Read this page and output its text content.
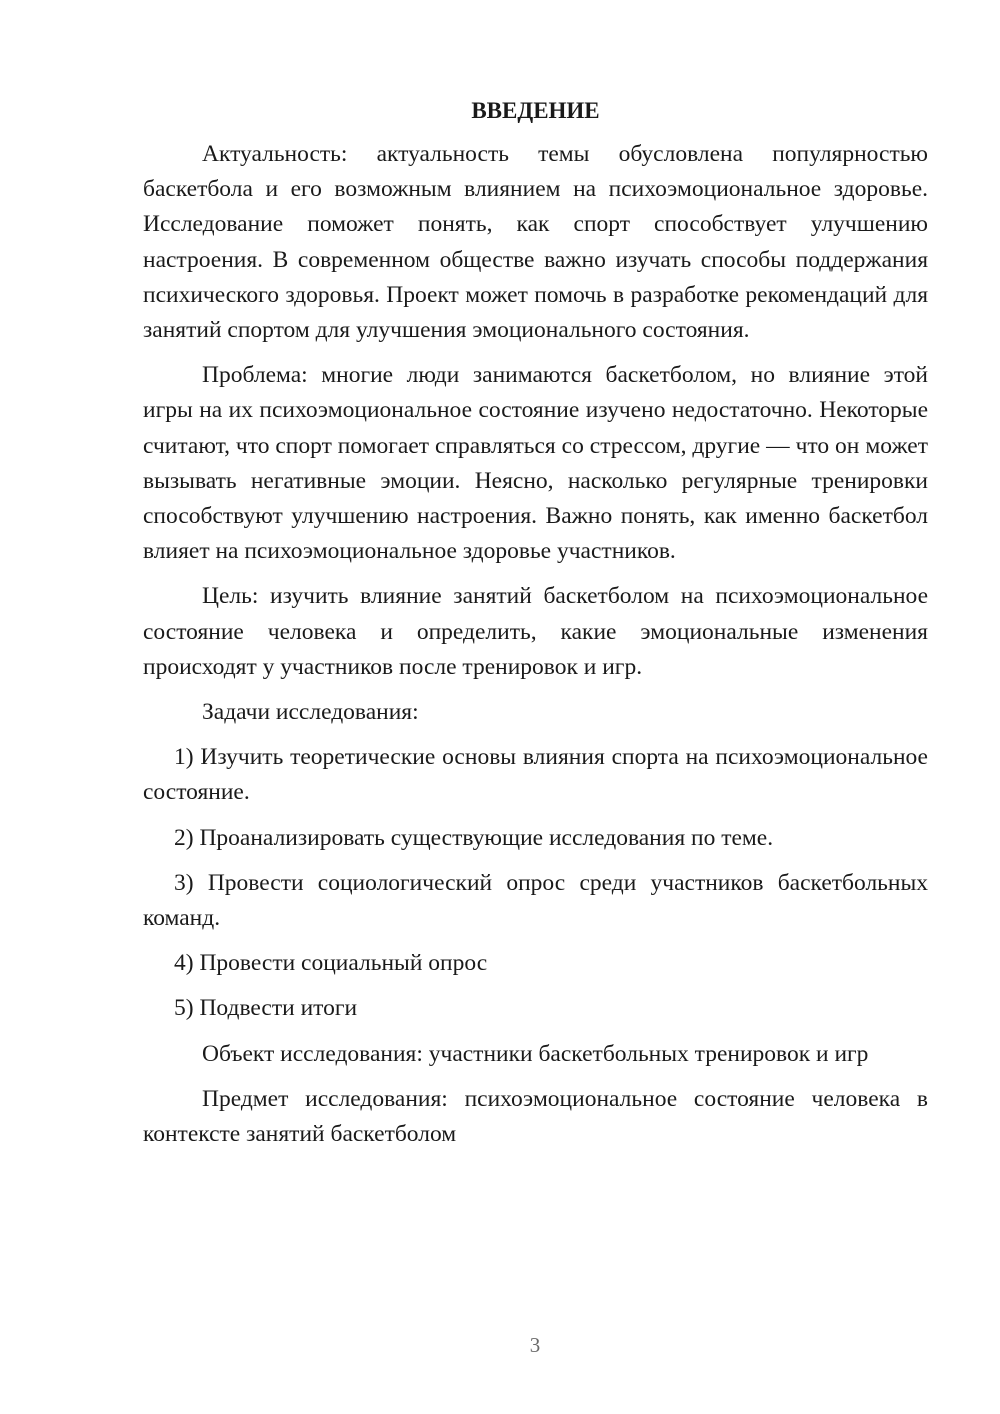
ВВЕДЕНИЕ

Актуальность: актуальность темы обусловлена популярностью баскетбола и его возможным влиянием на психоэмоциональное здоровье. Исследование поможет понять, как спорт способствует улучшению настроения. В современном обществе важно изучать способы поддержания психического здоровья. Проект может помочь в разработке рекомендаций для занятий спортом для улучшения эмоционального состояния.

Проблема: многие люди занимаются баскетболом, но влияние этой игры на их психоэмоциональное состояние изучено недостаточно. Некоторые считают, что спорт помогает справляться со стрессом, другие — что он может вызывать негативные эмоции. Неясно, насколько регулярные тренировки способствуют улучшению настроения. Важно понять, как именно баскетбол влияет на психоэмоциональное здоровье участников.

Цель: изучить влияние занятий баскетболом на психоэмоциональное состояние человека и определить, какие эмоциональные изменения происходят у участников после тренировок и игр.

Задачи исследования:

1) Изучить теоретические основы влияния спорта на психоэмоциональное состояние.

2) Проанализировать существующие исследования по теме.

3) Провести социологический опрос среди участников баскетбольных команд.

4) Провести социальный опрос

5) Подвести итоги

Объект исследования: участники баскетбольных тренировок и игр

Предмет исследования: психоэмоциональное состояние человека в контексте занятий баскетболом

3
